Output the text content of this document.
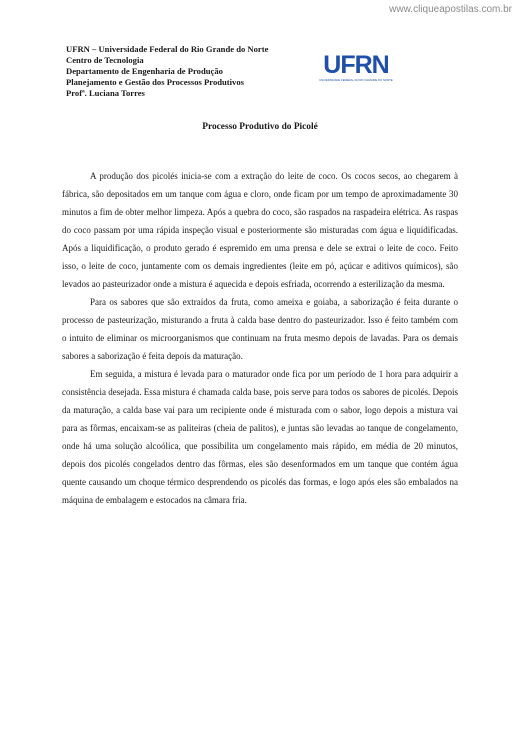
www.cliqueapostilas.com.br
UFRN – Universidade Federal do Rio Grande do Norte
Centro de Tecnologia
Departamento de Engenharia de Produção
Planejamento e Gestão dos Processos Produtivos
Profª. Luciana Torres
UFRN
UNIVERSIDADE FEDERAL DO RIO GRANDE DO NORTE
Processo Produtivo do Picolé

A produção dos picolés inicia-se com a extração do leite de coco. Os cocos secos, ao chegarem à fábrica, são depositados em um tanque com água e cloro, onde ficam por um tempo de aproximadamente 30 minutos a fim de obter melhor limpeza. Após a quebra do coco, são raspados na raspadeira elétrica. As raspas do coco passam por uma rápida inspeção visual e posteriormente são misturadas com água e liquidificadas. Após a liquidificação, o produto gerado é espremido em uma prensa e dele se extrai o leite de coco. Feito isso, o leite de coco, juntamente com os demais ingredientes (leite em pó, açúcar e aditivos químicos), são levados ao pasteurizador onde a mistura é aquecida e depois esfriada, ocorrendo a esterilização da mesma.

Para os sabores que são extraídos da fruta, como ameixa e goiaba, a saborização é feita durante o processo de pasteurização, misturando a fruta à calda base dentro do pasteurizador. Isso é feito também com o intuito de eliminar os microorganismos que continuam na fruta mesmo depois de lavadas. Para os demais sabores a saborização é feita depois da maturação.

Em seguida, a mistura é levada para o maturador onde fica por um período de 1 hora para adquirir a consistência desejada. Essa mistura é chamada calda base, pois serve para todos os sabores de picolés. Depois da maturação, a calda base vai para um recipiente onde é misturada com o sabor, logo depois a mistura vai para as fôrmas, encaixam-se as paliteiras (cheia de palitos), e juntas são levadas ao tanque de congelamento, onde há uma solução alcoólica, que possibilita um congelamento mais rápido, em média de 20 minutos, depois dos picolés congelados dentro das fôrmas, eles são desenformados em um tanque que contém água quente causando um choque térmico desprendendo os picolés das formas, e logo após eles são embalados na máquina de embalagem e estocados na câmara fria.
